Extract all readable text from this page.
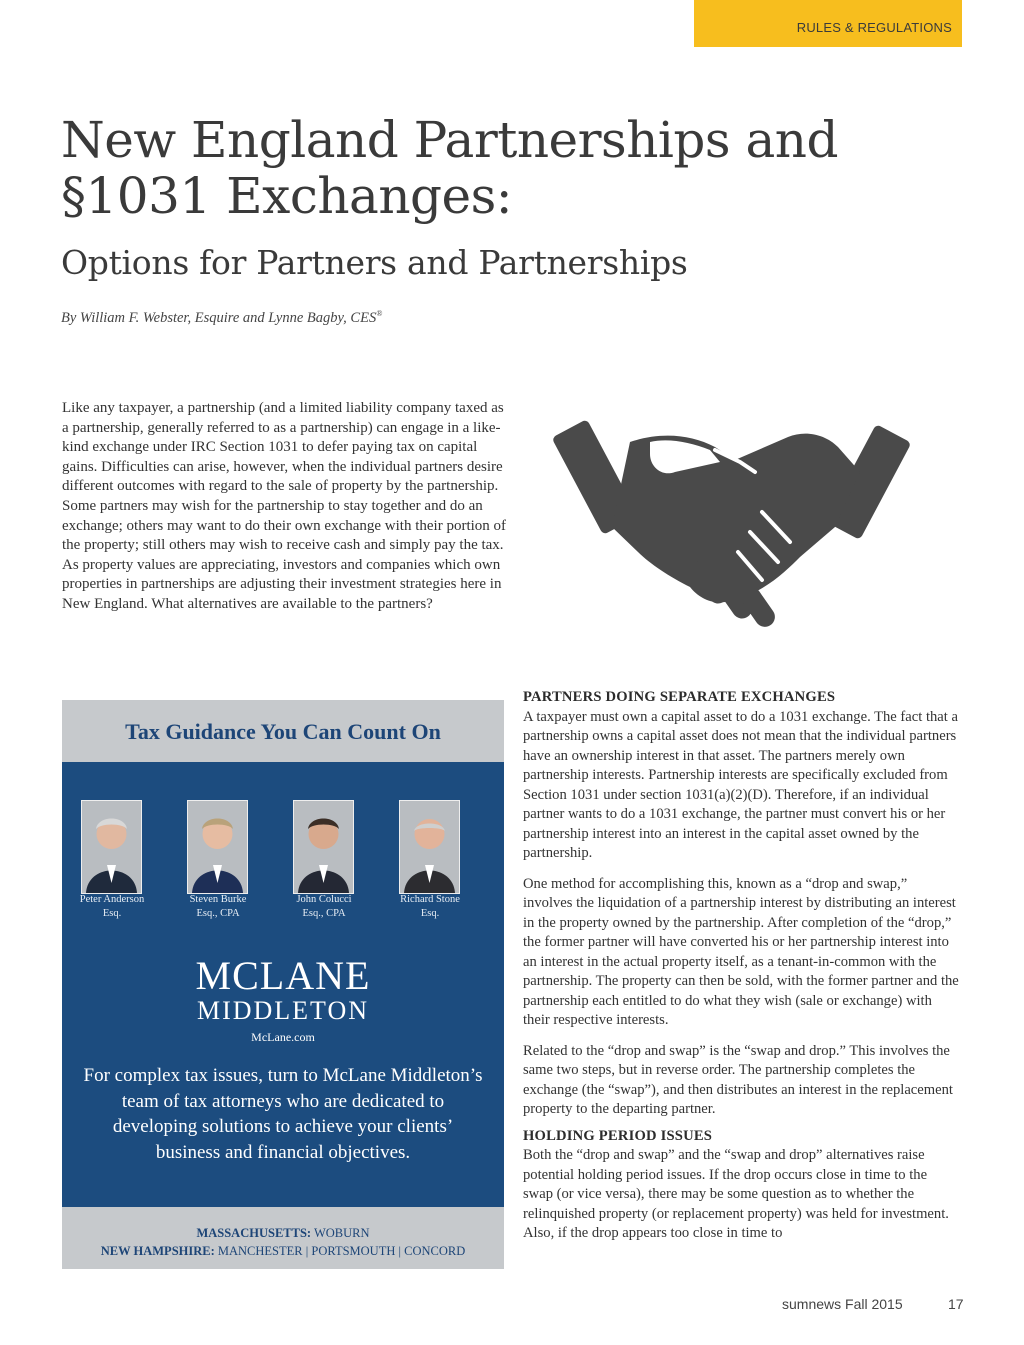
RULES & REGULATIONS
New England Partnerships and
§1031 Exchanges:
Options for Partners and Partnerships
By William F. Webster, Esquire and Lynne Bagby, CES®

Like any taxpayer, a partnership (and a limited liability company taxed as a partnership, generally referred to as a partnership) can engage in a like-kind exchange under IRC Section 1031 to defer paying tax on capital gains. Difficulties can arise, however, when the individual partners desire different outcomes with regard to the sale of property by the partnership. Some partners may wish for the partnership to stay together and do an exchange; others may want to do their own exchange with their portion of the property; still others may wish to receive cash and simply pay the tax. As property values are appreciating, investors and companies which own properties in partnerships are adjusting their investment strategies here in New England. What alternatives are available to the partners?

Tax Guidance You Can Count On
Peter Anderson
Esq.
Steven Burke
Esq., CPA
John Colucci
Esq., CPA
Richard Stone
Esq.
MCLANE
MIDDLETON
McLane.com

For complex tax issues, turn to McLane Middleton’s team of tax attorneys who are dedicated to developing solutions to achieve your clients’ business and financial objectives.

MASSACHUSETTS: WOBURN
NEW HAMPSHIRE: MANCHESTER | PORTSMOUTH | CONCORD
PARTNERS DOING SEPARATE EXCHANGES

A taxpayer must own a capital asset to do a 1031 exchange. The fact that a partnership owns a capital asset does not mean that the individual partners have an ownership interest in that asset. The partners merely own partnership interests. Partnership interests are specifically excluded from Section 1031 under section 1031(a)(2)(D). Therefore, if an individual partner wants to do a 1031 exchange, the partner must convert his or her partnership interest into an interest in the capital asset owned by the partnership.

One method for accomplishing this, known as a “drop and swap,” involves the liquidation of a partnership interest by distributing an interest in the property owned by the partnership. After completion of the “drop,” the former partner will have converted his or her partnership interest into an interest in the actual property itself, as a tenant-in-common with the partnership. The property can then be sold, with the former partner and the partnership each entitled to do what they wish (sale or exchange) with their respective interests.

Related to the “drop and swap” is the “swap and drop.” This involves the same two steps, but in reverse order. The partnership completes the exchange (the “swap”), and then distributes an interest in the replacement property to the departing partner.

HOLDING PERIOD ISSUES

Both the “drop and swap” and the “swap and drop” alternatives raise potential holding period issues. If the drop occurs close in time to the swap (or vice versa), there may be some question as to whether the relinquished property (or replacement property) was held for investment. Also, if the drop appears too close in time to

sumnews Fall 2015	17
